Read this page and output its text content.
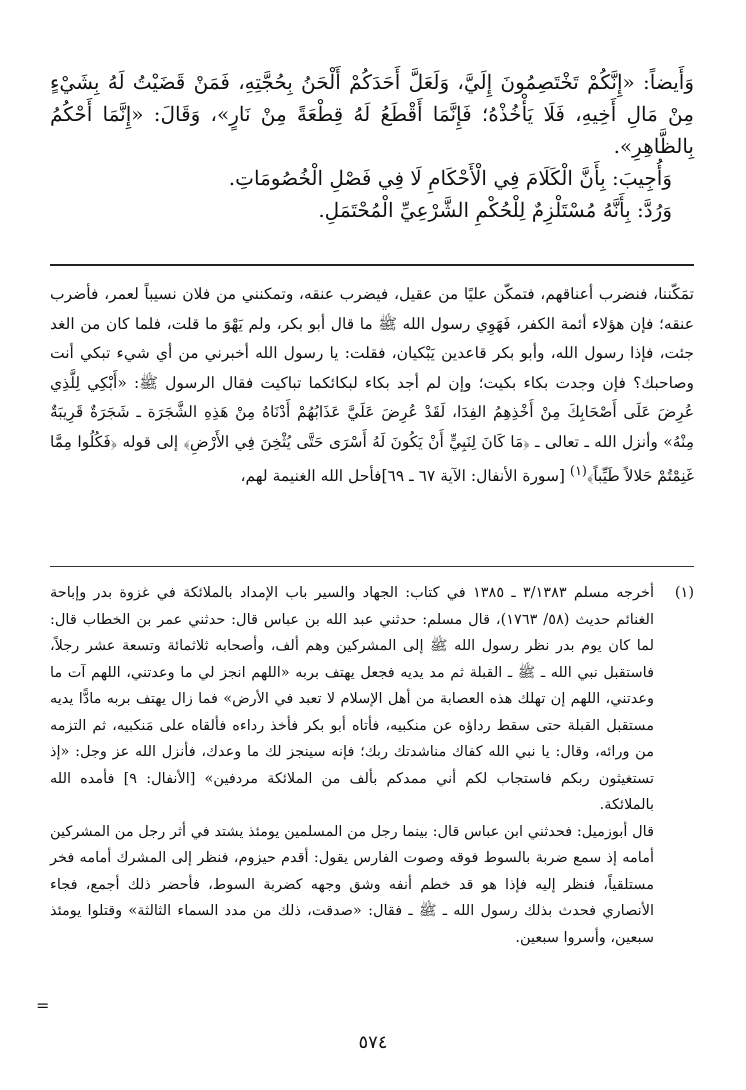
وَأَيضاً: «إِنَّكُمْ تَخْتَصِمُونَ إِلَيَّ، وَلَعَلَّ أَحَدَكُمْ أَلْحَنُ بِحُجَّتِهِ، فَمَنْ قَضَيْتُ لَهُ بِشَيْءٍ مِنْ مَالِ أَخِيهِ، فَلَا يَأْخُذْهُ؛ فَإِنَّمَا أَقْطَعُ لَهُ قِطْعَةً مِنْ نَارٍ»، وَقَالَ: «إِنَّمَا أَحْكُمُ بِالظَّاهِرِ».

وَأُجِيبَ: بِأَنَّ الْكَلَامَ فِي الْأَحْكَامِ لَا فِي فَصْلِ الْخُصُومَاتِ.

وَرُدَّ: بِأَنَّهُ مُسْتَلْزِمٌ لِلْحُكْمِ الشَّرْعِيِّ الْمُحْتَمَلِ.

تمَكّننا، فنضرب أعناقهم، فتمكّن عليًا من عقيل، فيضرب عنقه، وتمكنني من فلان نسيباً لعمر، فأضرب عنقه؛ فإن هؤلاء أئمة الكفر، فَهَوِي رسول الله ﷺ ما قال أبو بكر، ولم يَهْوَ ما قلت، فلما كان من الغد جئت، فإذا رسول الله، وأبو بكر قاعدين يَبْكيان، فقلت: يا رسول الله أخبرني من أي شيء تبكي أنت وصاحبك؟ فإن وجدت بكاء بكيت؛ وإن لم أجد بكاء لبكائكما تباكيت فقال الرسول ﷺ: «أَبْكِي لِلَّذِي عُرِضَ عَلَى أَصْحَابِكَ مِنْ أَخْذِهِمُ الفِدَا، لَقَدْ عُرِضَ عَلَيَّ عَذَابُهُمْ أَدْنَاهُ مِنْ هَذِهِ الشَّجَرَة ـ شَجَرَةٌ قَرِيبَةٌ مِنْهُ» وأنزل الله ـ تعالى ـ ﴿مَا كَانَ لِنَبِيٍّ أَنْ يَكُونَ لَهُ أَسْرَى حَتَّى يُثْخِنَ فِي الأَرْضِ﴾ إلى قوله ﴿فَكُلُوا مِمَّا غَنِمْتُمْ حَلالاً طَيِّباً﴾$^{(١)}$ [سورة الأنفال: الآية ٦٧ ـ ٦٩]فأحل الله الغنيمة لهم،

(١)

أخرجه مسلم ٣/١٣٨٣ ـ ١٣٨٥ في كتاب: الجهاد والسير باب الإمداد بالملائكة في غزوة بدر وإباحة الغنائم حديث (٥٨/ ١٧٦٣)، قال مسلم: حدثني عبد الله بن عباس قال: حدثني عمر بن الخطاب قال: لما كان يوم بدر نظر رسول الله ﷺ إلى المشركين وهم ألف، وأصحابه ثلاثمائة وتسعة عشر رجلاً، فاستقبل نبي الله ـ ﷺ ـ القبلة ثم مد يديه فجعل يهتف بربه «اللهم انجز لي ما وعدتني، اللهم آت ما وعدتني، اللهم إن تهلك هذه العصابة من أهل الإسلام لا تعبد في الأرض» فما زال يهتف بربه مادًّا يديه مستقبل القبلة حتى سقط رداؤه عن منكبيه، فأتاه أبو بكر فأخذ رداءه فألقاه على مَنكبيه، ثم التزمه من ورائه، وقال: يا نبي الله كفاك مناشدتك ربك؛ فإنه سينجز لك ما وعدك، فأنزل الله عز وجل: «إذ تستغيثون ربكم فاستجاب لكم أني ممدكم بألف من الملائكة مردفين» [الأنفال: ٩] فأمده الله بالملائكة.

قال أبوزميل: فحدثني ابن عباس قال: بينما رجل من المسلمين يومئذ يشتد في أثر رجل من المشركين أمامه إذ سمع ضربة بالسوط فوقه وصوت الفارس يقول: أقدم حيزوم، فنظر إلى المشرك أمامه فخر مستلقياً، فنظر إليه فإذا هو قد خطم أنفه وشق وجهه كضربة السوط، فأحضر ذلك أجمع، فجاء الأنصاري فحدث بذلك رسول الله ـ ﷺ ـ فقال: «صدقت، ذلك من مدد السماء الثالثة» وقتلوا يومئذ سبعين، وأسروا سبعين.

=
٥٧٤
